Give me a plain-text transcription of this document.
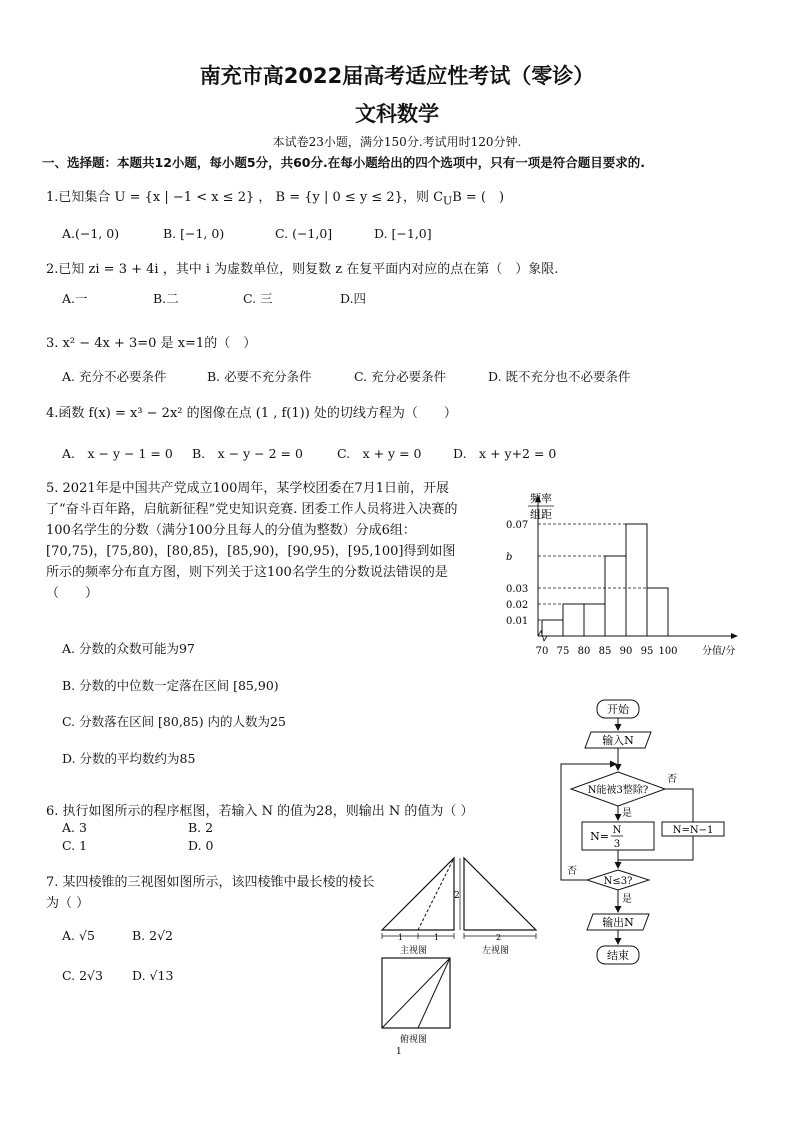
南充市高2022届高考适应性考试（零诊）
文科数学
本试卷23小题，满分150分.考试用时120分钟.
一、选择题：本题共12小题，每小题5分，共60分.在每小题给出的四个选项中，只有一项是符合题目要求的.
1.已知集合 U = {x | −1 < x ≤ 2} ， B = {y | 0 ≤ y ≤ 2}，则 $C_UB$ = (　)
A.(−1, 0)	B. [−1, 0)	C. (−1,0]	D. [−1,0]
2.已知 zi = 3 + 4i ，其中 i 为虚数单位，则复数 z 在复平面内对应的点在第（　）象限.
A.一	B.二	C. 三	D.四
3. x² − 4x + 3=0 是 x=1的（　）
A. 充分不必要条件	B. 必要不充分条件	C. 充分必要条件	D. 既不充分也不必要条件
4.函数 f(x) = x³ − 2x² 的图像在点 (1 , f(1)) 处的切线方程为（　　）
A.　x − y − 1 = 0 B.　x − y − 2 = 0	C.　x + y = 0	D.　x + y+2 = 0
5. 2021年是中国共产党成立100周年，某学校团委在7月1日前，开展了“奋斗百年路，启航新征程”党史知识竞赛. 团委工作人员将进入决赛的100名学生的分数（满分100分且每人的分值为整数）分成6组：[70,75)，[75,80)，[80,85)，[85,90)，[90,95)，[95,100]得到如图所示的频率分布直方图，则下列关于这100名学生的分数说法错误的是（　　）
A. 分数的众数可能为97
B. 分数的中位数一定落在区间 [85,90)
C. 分数落在区间 [80,85) 内的人数为25
D. 分数的平均数约为85
频率
组距
0.01
0.02
0.03
b
0.07
70 75 80 85 90 95 100 分值/分
开始
输入N
N能被3整除?
否
是
N= N
3
N=N−1
N≤3?
否
是
输出N
结束
6. 执行如图所示的程序框图，若输入 N 的值为28，则输出 N 的值为（ ）
A. 3	B. 2
C. 1	D. 0
7. 某四棱锥的三视图如图所示，该四棱锥中最长棱的棱长为（ ）
A. √5	B. 2√2
C. 2√3 D. √13
1	1
主视图
2
2
左视图
俯视图
1
